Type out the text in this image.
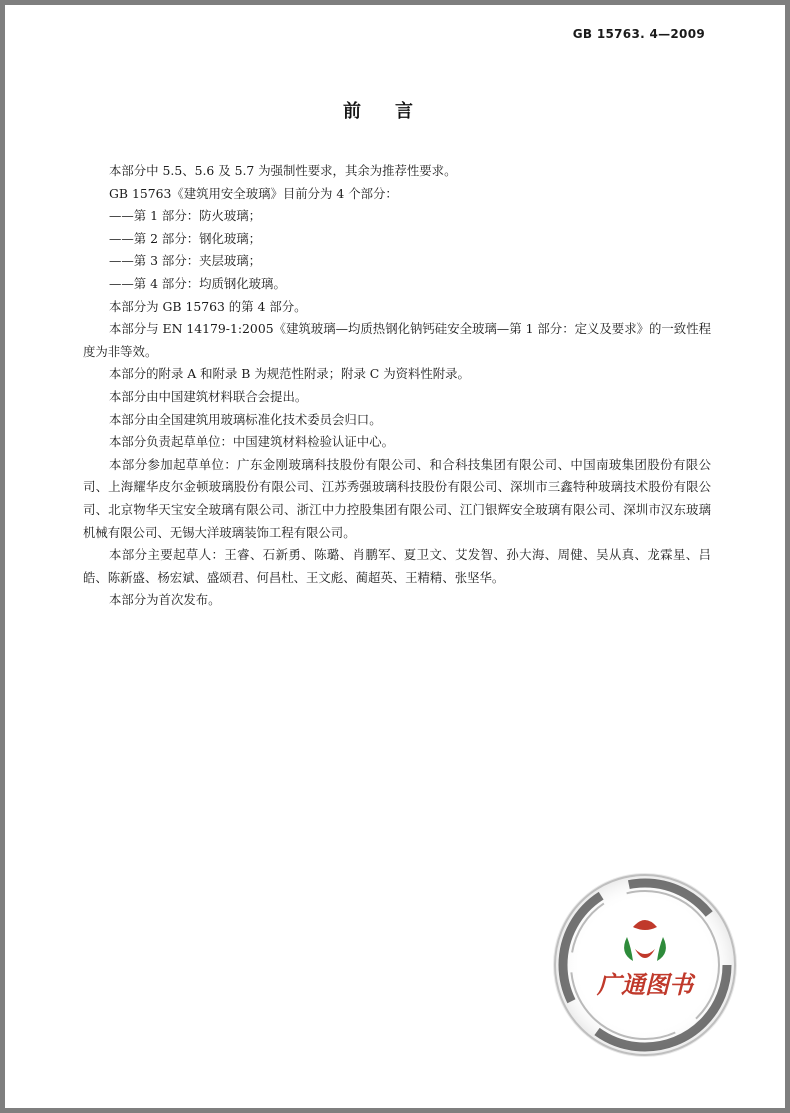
GB 15763. 4—2009
前言

本部分中 5.5、5.6 及 5.7 为强制性要求，其余为推荐性要求。

GB 15763《建筑用安全玻璃》目前分为 4 个部分：

——第 1 部分：防火玻璃；

——第 2 部分：钢化玻璃；

——第 3 部分：夹层玻璃；

——第 4 部分：均质钢化玻璃。

本部分为 GB 15763 的第 4 部分。

本部分与 EN 14179-1:2005《建筑玻璃—均质热钢化钠钙硅安全玻璃—第 1 部分：定义及要求》的一致性程度为非等效。

本部分的附录 A 和附录 B 为规范性附录；附录 C 为资料性附录。

本部分由中国建筑材料联合会提出。

本部分由全国建筑用玻璃标准化技术委员会归口。

本部分负责起草单位：中国建筑材料检验认证中心。

本部分参加起草单位：广东金刚玻璃科技股份有限公司、和合科技集团有限公司、中国南玻集团股份有限公司、上海耀华皮尔金顿玻璃股份有限公司、江苏秀强玻璃科技股份有限公司、深圳市三鑫特种玻璃技术股份有限公司、北京物华天宝安全玻璃有限公司、浙江中力控股集团有限公司、江门银辉安全玻璃有限公司、深圳市汉东玻璃机械有限公司、无锡大洋玻璃装饰工程有限公司。

本部分主要起草人：王睿、石新勇、陈璐、肖鹏军、夏卫文、艾发智、孙大海、周健、吴从真、龙霖星、吕皓、陈新盛、杨宏斌、盛颂君、何昌杜、王文彪、蔺超英、王精精、张坚华。

本部分为首次发布。

广通图书
